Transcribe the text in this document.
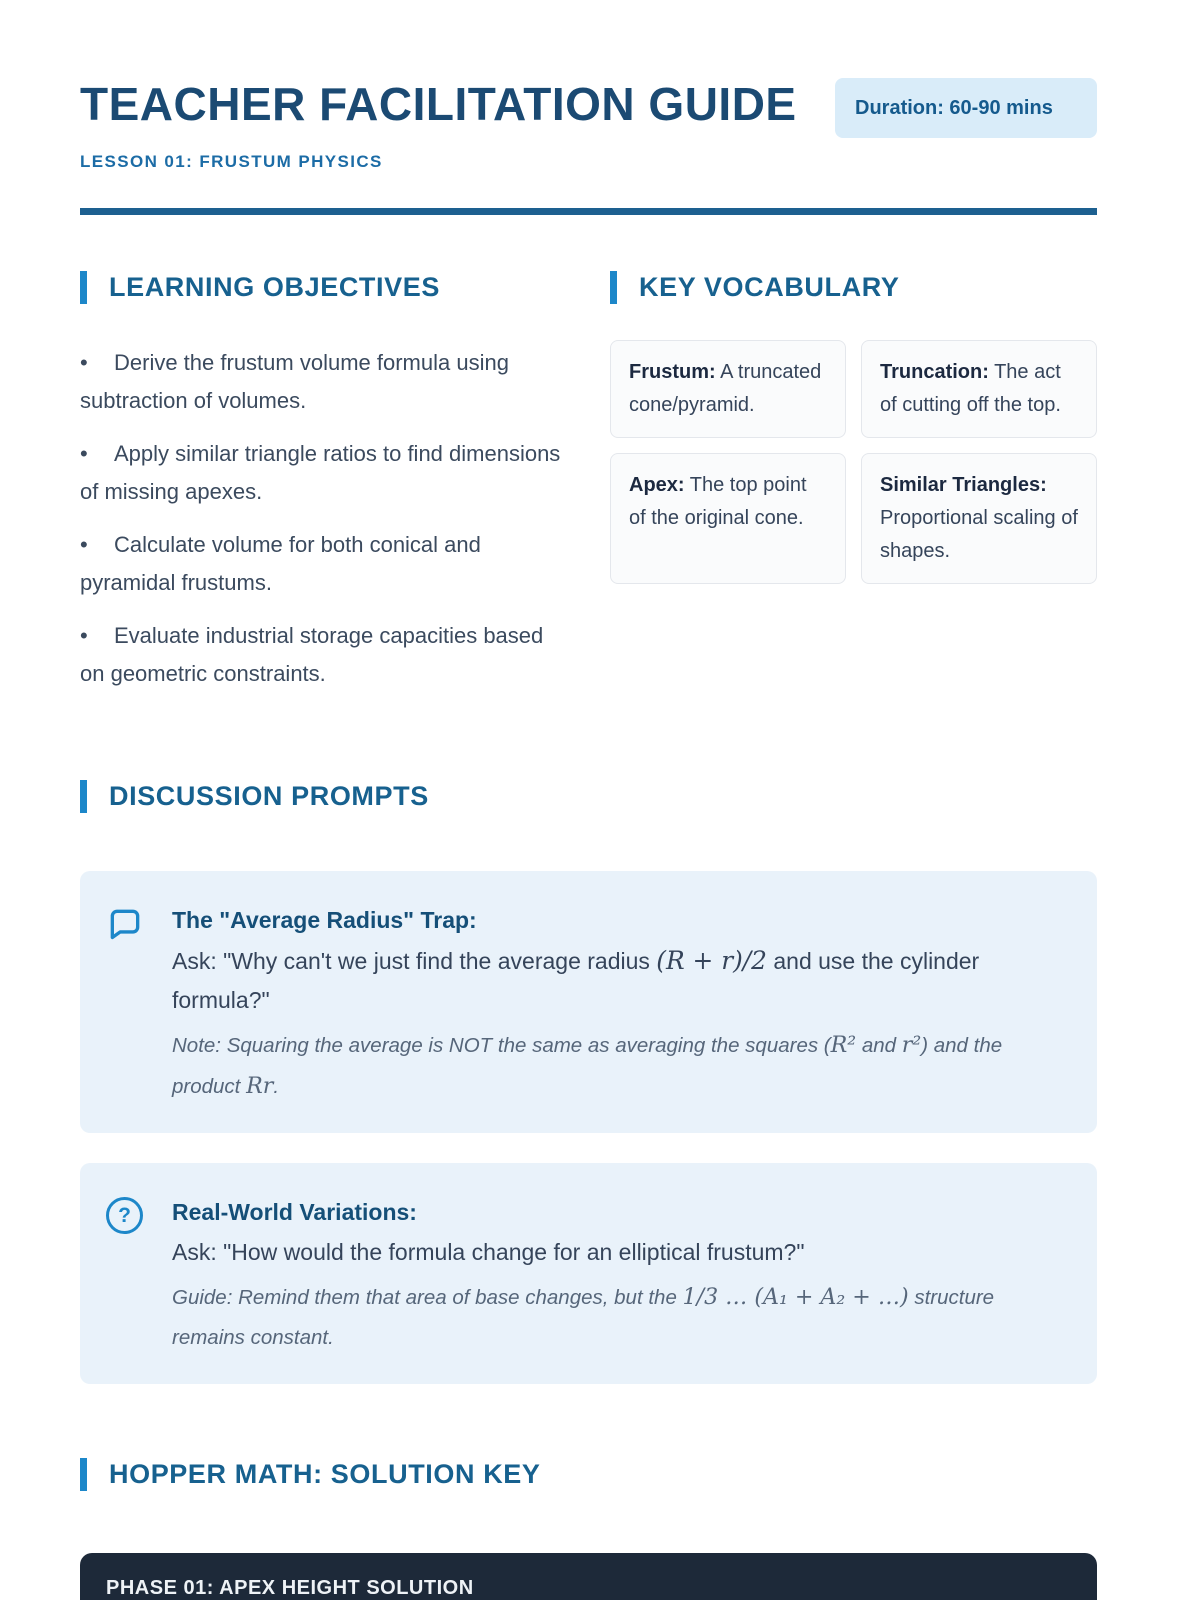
TEACHER FACILITATION GUIDE	Duration: 60-90 mins
LESSON 01: FRUSTUM PHYSICS
LEARNING OBJECTIVES

• Derive the frustum volume formula using subtraction of volumes.

• Apply similar triangle ratios to find dimensions of missing apexes.

• Calculate volume for both conical and pyramidal frustums.

• Evaluate industrial storage capacities based on geometric constraints.

KEY VOCABULARY
Frustum: A truncated cone/pyramid.
Truncation: The act of cutting off the top.
Apex: The top point of the original cone.
Similar Triangles: Proportional scaling of shapes.
DISCUSSION PROMPTS
The "Average Radius" Trap:
Ask: "Why can't we just find the average radius (R + r)/2 and use the cylinder formula?"
Note: Squaring the average is NOT the same as averaging the squares (R² and r²) and the product Rr.
?	Real-World Variations:
Ask: "How would the formula change for an elliptical frustum?"
Guide: Remind them that area of base changes, but the 1/3 … (A₁ + A₂ + …) structure remains constant.
HOPPER MATH: SOLUTION KEY
PHASE 01: APEX HEIGHT SOLUTION
